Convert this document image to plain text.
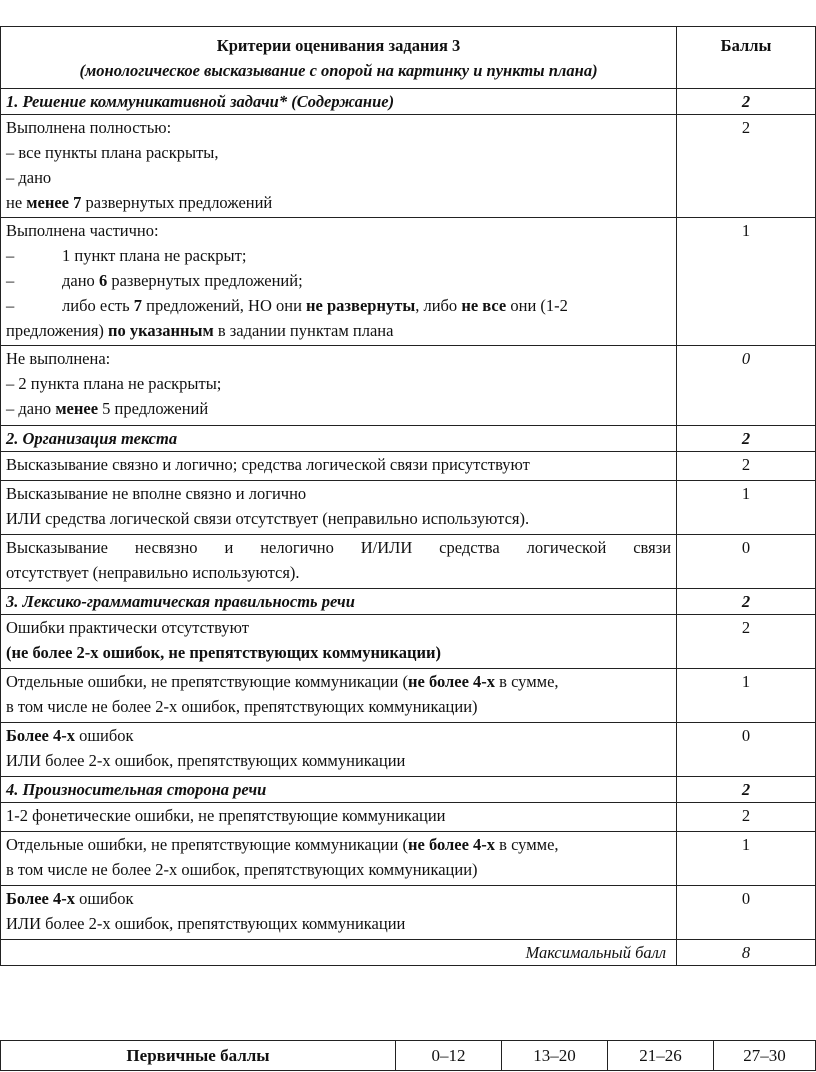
Критерии оценивания задания 3
(монологическое высказывание с опорой на картинку и пункты плана)	Баллы
1. Решение коммуникативной задачи* (Содержание)	2

Выполнена полностью:
– все пункты плана раскрыты,
– дано
не менее 7 развернутых предложений	2

Выполнена частично:
– 1 пункт плана не раскрыт;
– дано 6 развернутых предложений;
– либо есть 7 предложений, НО они не развернуты, либо не все они (1-2
предложения) по указанным в задании пунктам плана	1

Не выполнена:
– 2 пункта плана не раскрыты;
– дано менее 5 предложений	0
2. Организация текста	2
Высказывание связно и логично; средства логической связи присутствуют	2

Высказывание не вполне связно и логично
ИЛИ средства логической связи отсутствует (неправильно используются).	1

Высказывание несвязно и нелогично И/ИЛИ средства логической связи
отсутствует (неправильно используются).	0
3. Лексико-грамматическая правильность речи	2

Ошибки практически отсутствуют
(не более 2-х ошибок, не препятствующих коммуникации)	2

Отдельные ошибки, не препятствующие коммуникации (не более 4-х в сумме,
в том числе не более 2-х ошибок, препятствующих коммуникации)	1

Более 4-х ошибок
ИЛИ более 2-х ошибок, препятствующих коммуникации	0
4. Произносительная сторона речи	2
1-2 фонетические ошибки, не препятствующие коммуникации	2

Отдельные ошибки, не препятствующие коммуникации (не более 4-х в сумме,
в том числе не более 2-х ошибок, препятствующих коммуникации)	1

Более 4-х ошибок
ИЛИ более 2-х ошибок, препятствующих коммуникации	0
Максимальный балл	8
Первичные баллы	0–12	13–20	21–26	27–30
